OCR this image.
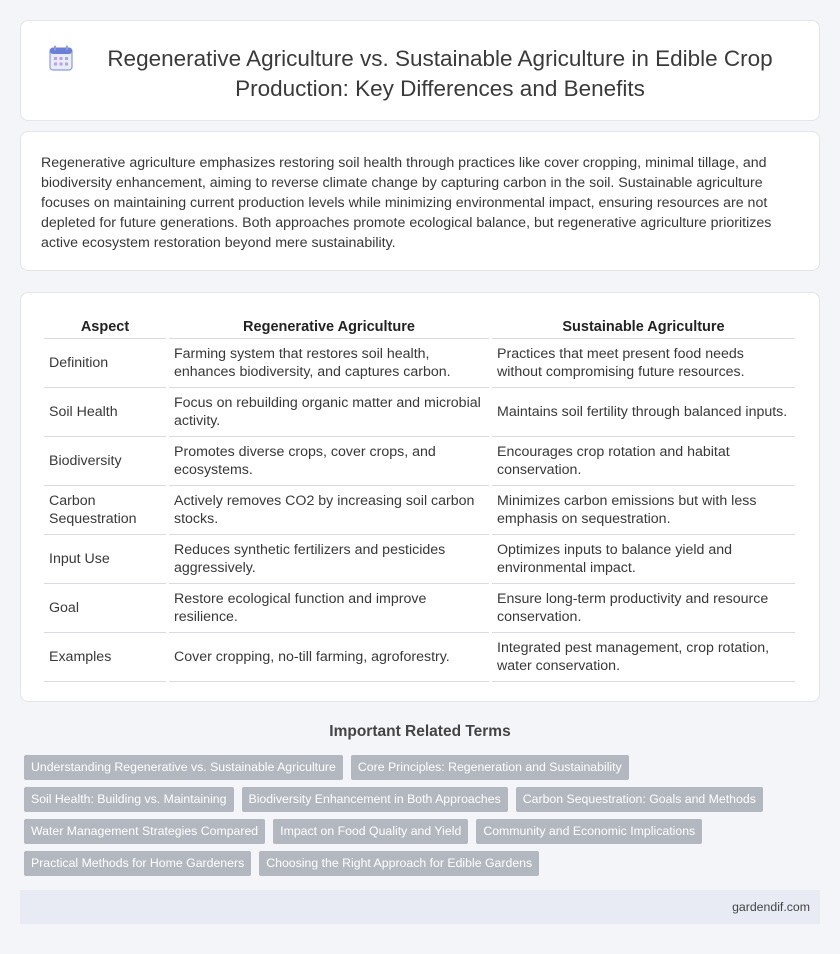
Regenerative Agriculture vs. Sustainable Agriculture in Edible Crop Production: Key Differences and Benefits

Regenerative agriculture emphasizes restoring soil health through practices like cover cropping, minimal tillage, and biodiversity enhancement, aiming to reverse climate change by capturing carbon in the soil. Sustainable agriculture focuses on maintaining current production levels while minimizing environmental impact, ensuring resources are not depleted for future generations. Both approaches promote ecological balance, but regenerative agriculture prioritizes active ecosystem restoration beyond mere sustainability.

Aspect	Regenerative Agriculture	Sustainable Agriculture
Definition	Farming system that restores soil health, enhances biodiversity, and captures carbon.	Practices that meet present food needs without compromising future resources.
Soil Health	Focus on rebuilding organic matter and microbial activity.	Maintains soil fertility through balanced inputs.
Biodiversity	Promotes diverse crops, cover crops, and ecosystems.	Encourages crop rotation and habitat conservation.
Carbon Sequestration	Actively removes CO2 by increasing soil carbon stocks.	Minimizes carbon emissions but with less emphasis on sequestration.
Input Use	Reduces synthetic fertilizers and pesticides aggressively.	Optimizes inputs to balance yield and environmental impact.
Goal	Restore ecological function and improve resilience.	Ensure long-term productivity and resource conservation.
Examples	Cover cropping, no-till farming, agroforestry.	Integrated pest management, crop rotation, water conservation.
Important Related Terms
Understanding Regenerative vs. Sustainable Agriculture	Core Principles: Regeneration and Sustainability
Soil Health: Building vs. Maintaining	Biodiversity Enhancement in Both Approaches	Carbon Sequestration: Goals and Methods
Water Management Strategies Compared	Impact on Food Quality and Yield	Community and Economic Implications
Practical Methods for Home Gardeners	Choosing the Right Approach for Edible Gardens
gardendif.com
